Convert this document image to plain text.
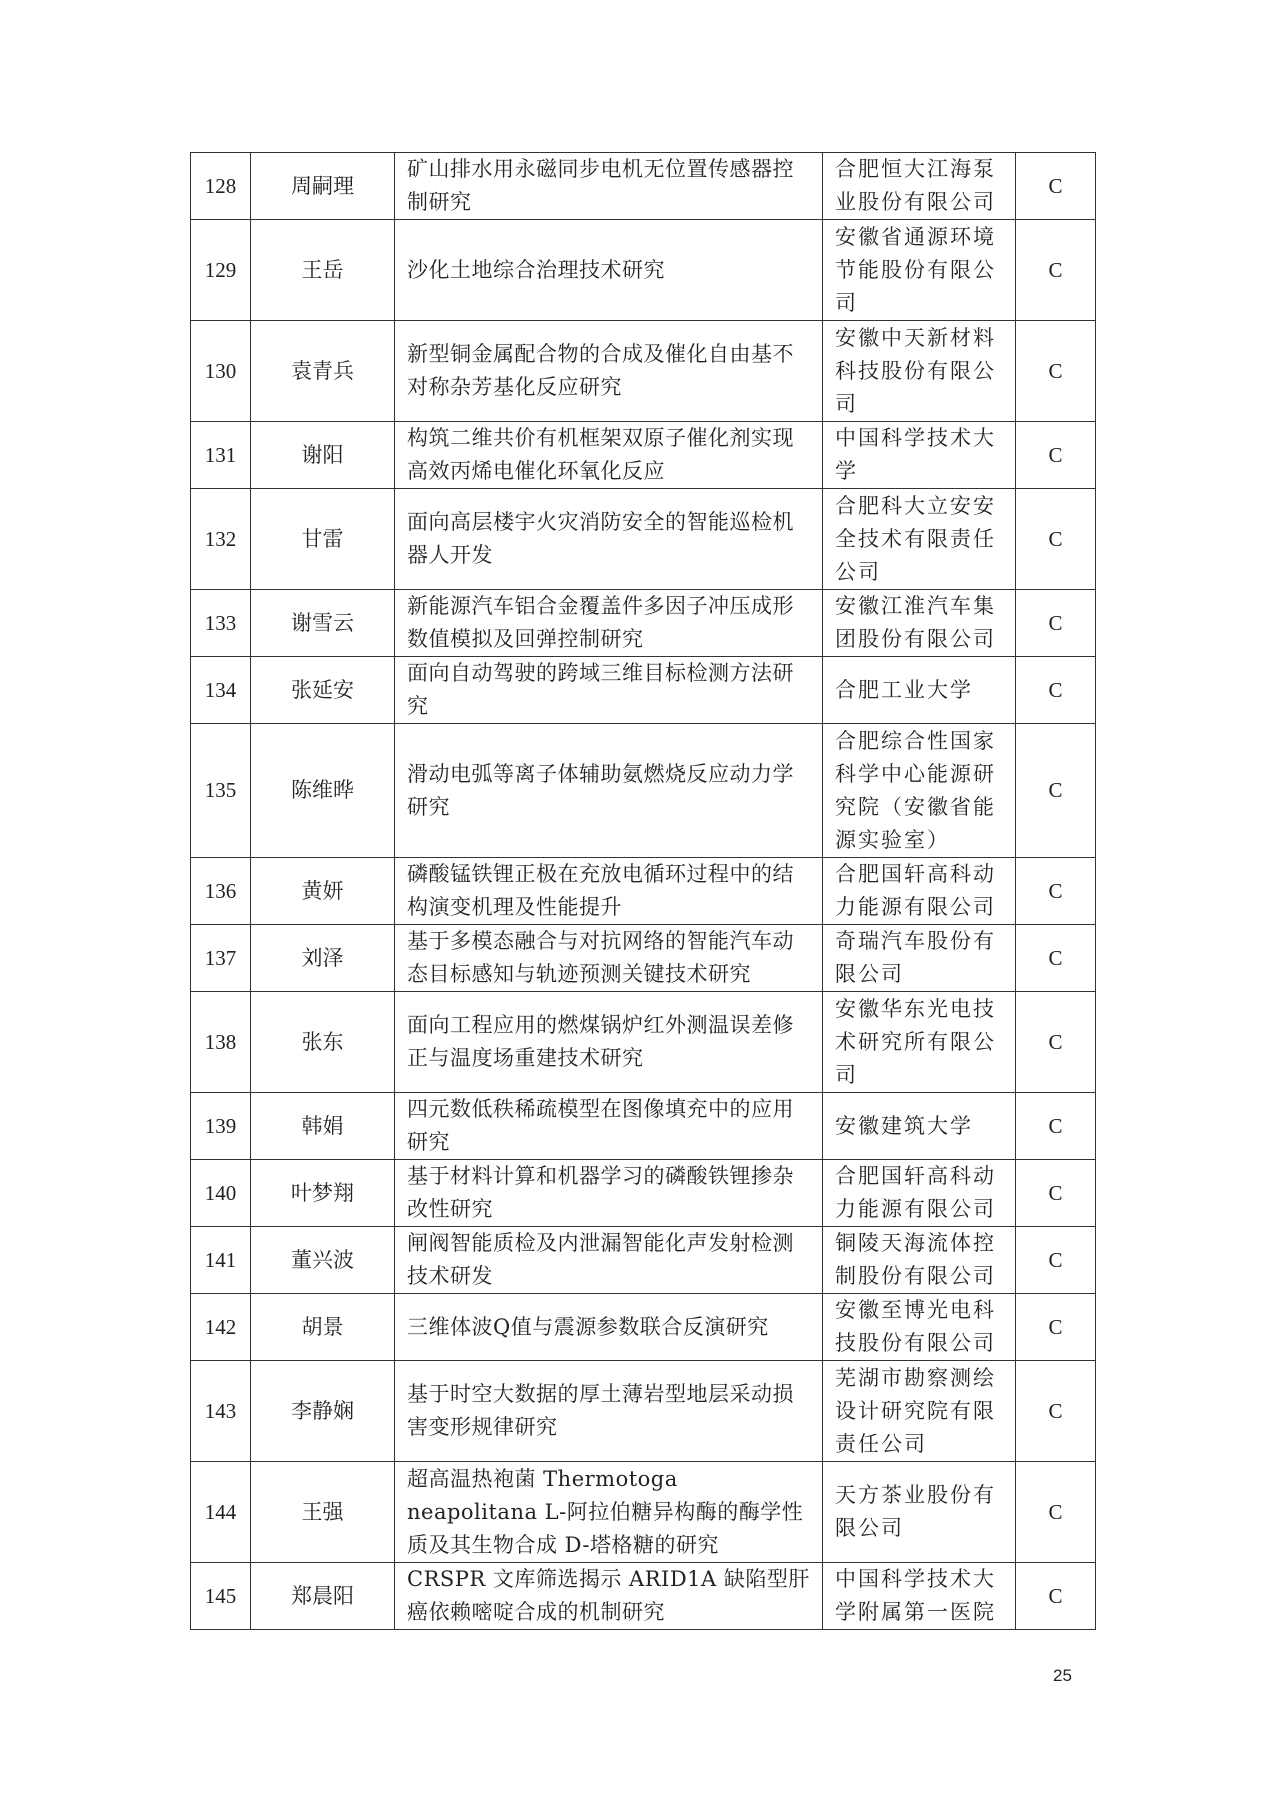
128	周嗣理	矿山排水用永磁同步电机无位置传感器控制研究	合肥恒大江海泵业股份有限公司	C
129	王岳	沙化土地综合治理技术研究	安徽省通源环境节能股份有限公司	C
130	袁青兵	新型铜金属配合物的合成及催化自由基不对称杂芳基化反应研究	安徽中天新材料科技股份有限公司	C
131	谢阳	构筑二维共价有机框架双原子催化剂实现高效丙烯电催化环氧化反应	中国科学技术大学	C
132	甘雷	面向高层楼宇火灾消防安全的智能巡检机器人开发	合肥科大立安安全技术有限责任公司	C
133	谢雪云	新能源汽车铝合金覆盖件多因子冲压成形数值模拟及回弹控制研究	安徽江淮汽车集团股份有限公司	C
134	张延安	面向自动驾驶的跨域三维目标检测方法研究	合肥工业大学	C
135	陈维晔	滑动电弧等离子体辅助氨燃烧反应动力学研究	合肥综合性国家科学中心能源研究院（安徽省能源实验室）	C
136	黄妍	磷酸锰铁锂正极在充放电循环过程中的结构演变机理及性能提升	合肥国轩高科动力能源有限公司	C
137	刘泽	基于多模态融合与对抗网络的智能汽车动态目标感知与轨迹预测关键技术研究	奇瑞汽车股份有限公司	C
138	张东	面向工程应用的燃煤锅炉红外测温误差修正与温度场重建技术研究	安徽华东光电技术研究所有限公司	C
139	韩娟	四元数低秩稀疏模型在图像填充中的应用研究	安徽建筑大学	C
140	叶梦翔	基于材料计算和机器学习的磷酸铁锂掺杂改性研究	合肥国轩高科动力能源有限公司	C
141	董兴波	闸阀智能质检及内泄漏智能化声发射检测技术研发	铜陵天海流体控制股份有限公司	C
142	胡景	三维体波Q值与震源参数联合反演研究	安徽至博光电科技股份有限公司	C
143	李静娴	基于时空大数据的厚土薄岩型地层采动损害变形规律研究	芜湖市勘察测绘设计研究院有限责任公司	C
144	王强	超高温热袍菌 Thermotoga neapolitana L-阿拉伯糖异构酶的酶学性质及其生物合成 D-塔格糖的研究	天方茶业股份有限公司	C
145	郑晨阳	CRSPR 文库筛选揭示 ARID1A 缺陷型肝癌依赖嘧啶合成的机制研究	中国科学技术大学附属第一医院	C
25
